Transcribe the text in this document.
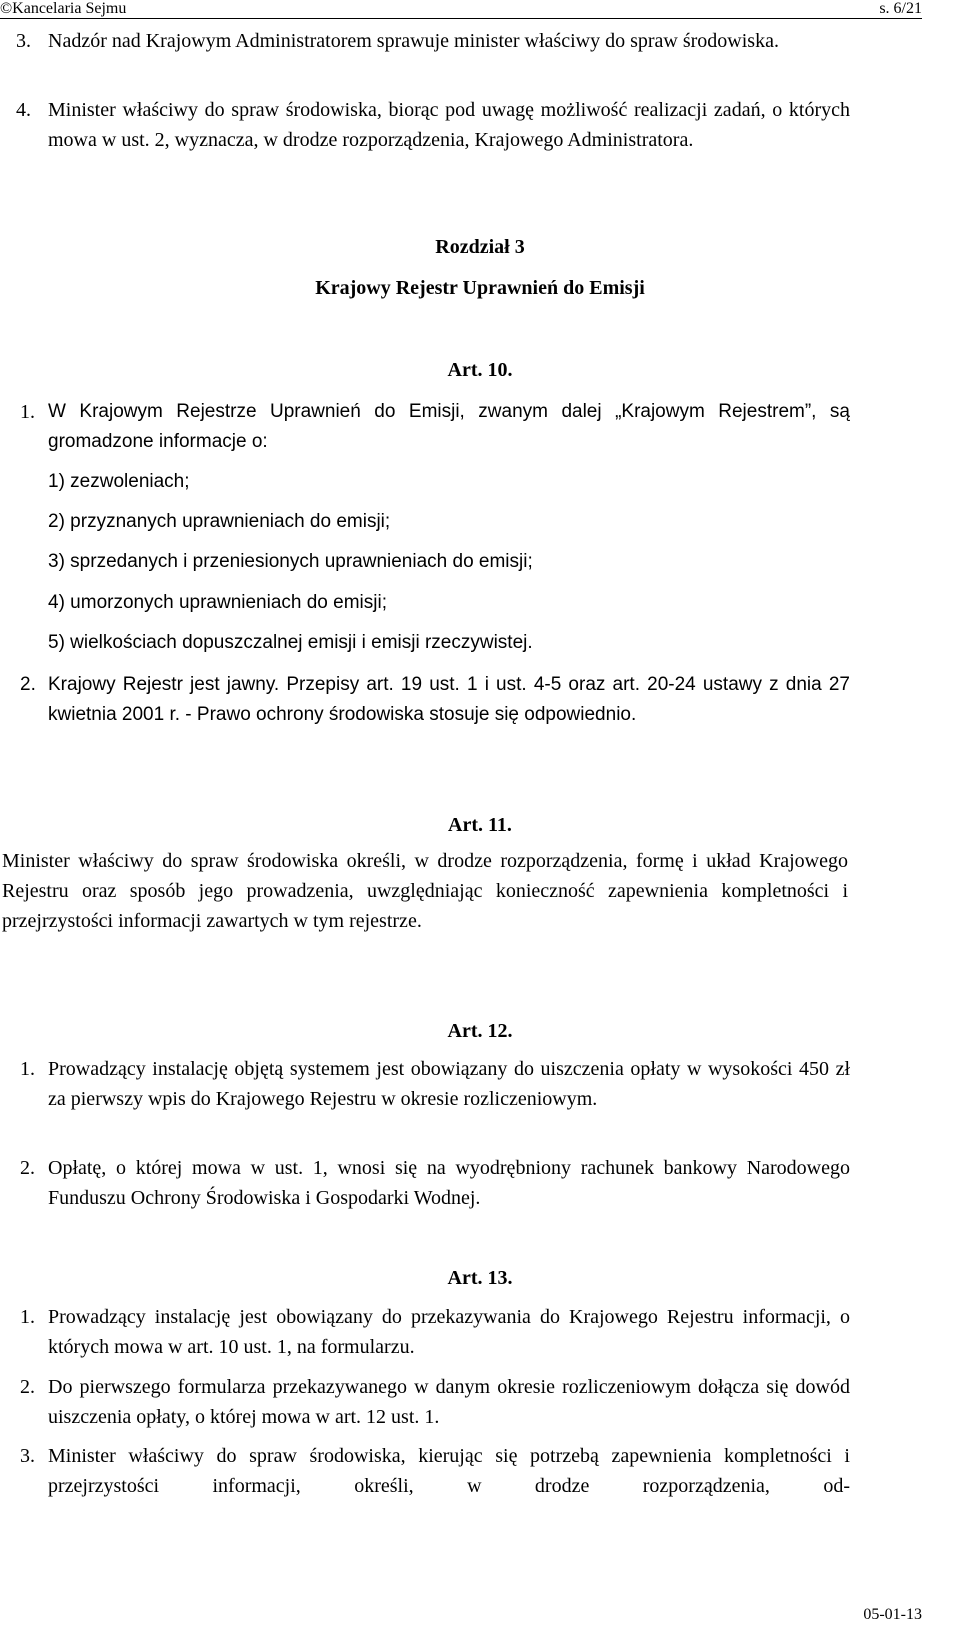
©Kancelaria Sejmu	s. 6/21
3. Nadzór nad Krajowym Administratorem sprawuje minister właściwy do spraw środowiska.
4. Minister właściwy do spraw środowiska, biorąc pod uwagę możliwość realizacji zadań, o których mowa w ust. 2, wyznacza, w drodze rozporządzenia, Krajowego Administratora.
Rozdział 3
Krajowy Rejestr Uprawnień do Emisji
Art. 10.
1. W Krajowym Rejestrze Uprawnień do Emisji, zwanym dalej „Krajowym Rejestrem”, są gromadzone informacje o:
1) zezwoleniach;
2) przyznanych uprawnieniach do emisji;
3) sprzedanych i przeniesionych uprawnieniach do emisji;
4) umorzonych uprawnieniach do emisji;
5) wielkościach dopuszczalnej emisji i emisji rzeczywistej.
2. Krajowy Rejestr jest jawny. Przepisy art. 19 ust. 1 i ust. 4-5 oraz art. 20-24 ustawy z dnia 27 kwietnia 2001 r. - Prawo ochrony środowiska stosuje się odpowiednio.
Art. 11.
Minister właściwy do spraw środowiska określi, w drodze rozporządzenia, formę i układ Krajowego Rejestru oraz sposób jego prowadzenia, uwzględniając konieczność zapewnienia kompletności i przejrzystości informacji zawartych w tym rejestrze.
Art. 12.
1. Prowadzący instalację objętą systemem jest obowiązany do uiszczenia opłaty w wysokości 450 zł za pierwszy wpis do Krajowego Rejestru w okresie rozliczeniowym.
2. Opłatę, o której mowa w ust. 1, wnosi się na wyodrębniony rachunek bankowy Narodowego Funduszu Ochrony Środowiska i Gospodarki Wodnej.
Art. 13.
1. Prowadzący instalację jest obowiązany do przekazywania do Krajowego Rejestru informacji, o których mowa w art. 10 ust. 1, na formularzu.
2. Do pierwszego formularza przekazywanego w danym okresie rozliczeniowym dołącza się dowód uiszczenia opłaty, o której mowa w art. 12 ust. 1.
3. Minister właściwy do spraw środowiska, kierując się potrzebą zapewnienia kompletności i przejrzystości informacji, określi, w drodze rozporządzenia, od-
05-01-13
